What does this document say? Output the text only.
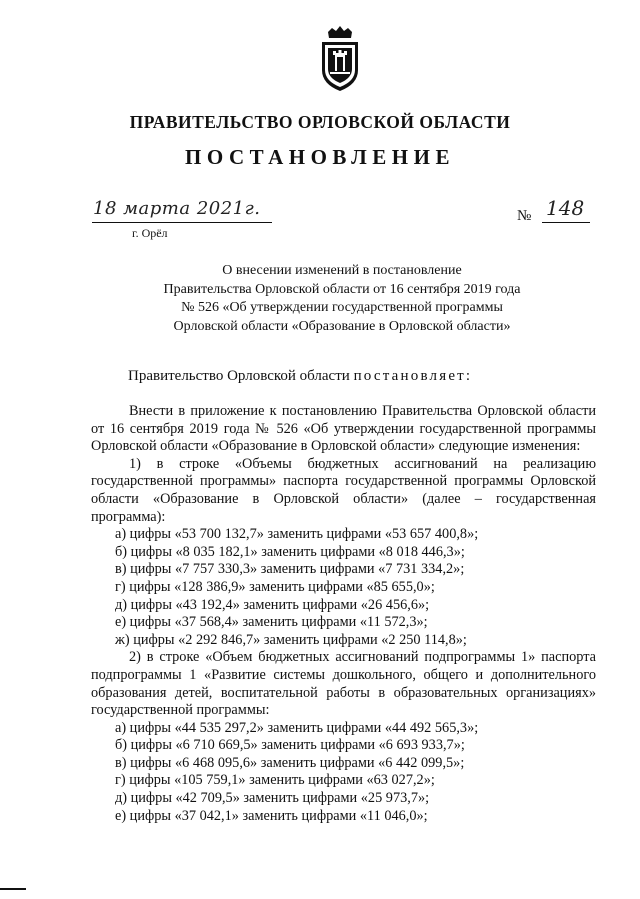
ПРАВИТЕЛЬСТВО ОРЛОВСКОЙ ОБЛАСТИ
ПОСТАНОВЛЕНИЕ
18 марта 2021г.
г. Орёл
№ 148
О внесении изменений в постановление
Правительства Орловской области от 16 сентября 2019 года
№ 526 «Об утверждении государственной программы
Орловской области «Образование в Орловской области»
Правительство Орловской области постановляет:

Внести в приложение к постановлению Правительства Орловской области от 16 сентября 2019 года № 526 «Об утверждении государственной программы Орловской области «Образование в Орловской области» следующие изменения:

1) в строке «Объемы бюджетных ассигнований на реализацию государственной программы» паспорта государственной программы Орловской области «Образование в Орловской области» (далее – государственная программа):

а) цифры «53 700 132,7» заменить цифрами «53 657 400,8»;

б) цифры «8 035 182,1» заменить цифрами «8 018 446,3»;

в) цифры «7 757 330,3» заменить цифрами «7 731 334,2»;

г) цифры «128 386,9» заменить цифрами «85 655,0»;

д) цифры «43 192,4» заменить цифрами «26 456,6»;

е) цифры «37 568,4» заменить цифрами «11 572,3»;

ж) цифры «2 292 846,7» заменить цифрами «2 250 114,8»;

2) в строке «Объем бюджетных ассигнований подпрограммы 1» паспорта подпрограммы 1 «Развитие системы дошкольного, общего и дополнительного образования детей, воспитательной работы в образовательных организациях» государственной программы:

а) цифры «44 535 297,2» заменить цифрами «44 492 565,3»;

б) цифры «6 710 669,5» заменить цифрами «6 693 933,7»;

в) цифры «6 468 095,6» заменить цифрами «6 442 099,5»;

г) цифры «105 759,1» заменить цифрами «63 027,2»;

д) цифры «42 709,5» заменить цифрами «25 973,7»;

е) цифры «37 042,1» заменить цифрами «11 046,0»;
